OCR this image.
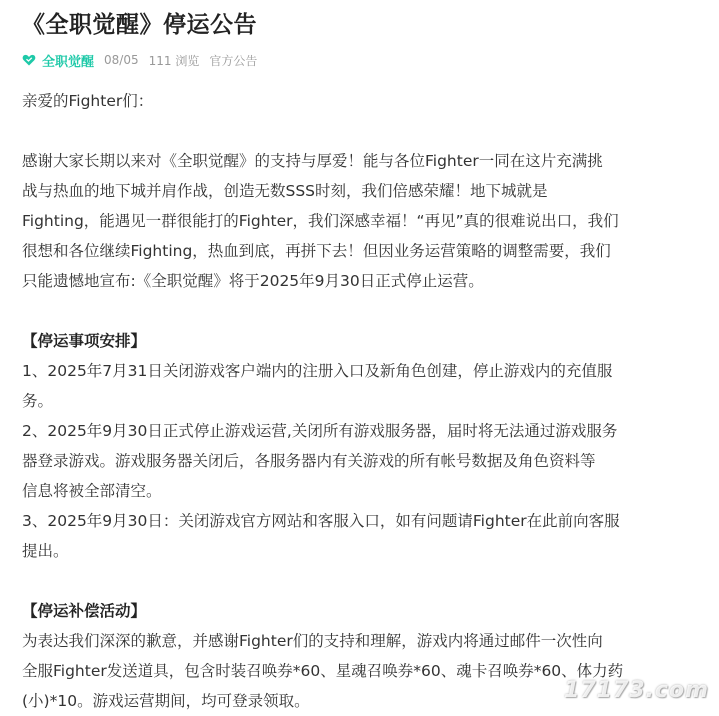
《全职觉醒》停运公告
全职觉醒 08/05 111 浏览 官方公告

亲爱的Fighter们：

感谢大家长期以来对《全职觉醒》的支持与厚爱！能与各位Fighter一同在这片充满挑

战与热血的地下城并肩作战，创造无数SSS时刻，我们倍感荣耀！地下城就是

Fighting，能遇见一群很能打的Fighter，我们深感幸福！“再见”真的很难说出口，我们

很想和各位继续Fighting，热血到底，再拼下去！但因业务运营策略的调整需要，我们

只能遗憾地宣布:《全职觉醒》将于2025年9月30日正式停止运营。

【停运事项安排】

1、2025年7月31日关闭游戏客户端内的注册入口及新角色创建，停止游戏内的充值服

务。

2、2025年9月30日正式停止游戏运营,关闭所有游戏服务器，届时将无法通过游戏服务

器登录游戏。游戏服务器关闭后，各服务器内有关游戏的所有帐号数据及角色资料等

信息将被全部清空。

3、2025年9月30日：关闭游戏官方网站和客服入口，如有问题请Fighter在此前向客服

提出。

【停运补偿活动】

为表达我们深深的歉意，并感谢Fighter们的支持和理解，游戏内将通过邮件一次性向

全服Fighter发送道具，包含时装召唤券*60、星魂召唤券*60、魂卡召唤券*60、体力药

(小)*10。游戏运营期间，均可登录领取。	17173.com
